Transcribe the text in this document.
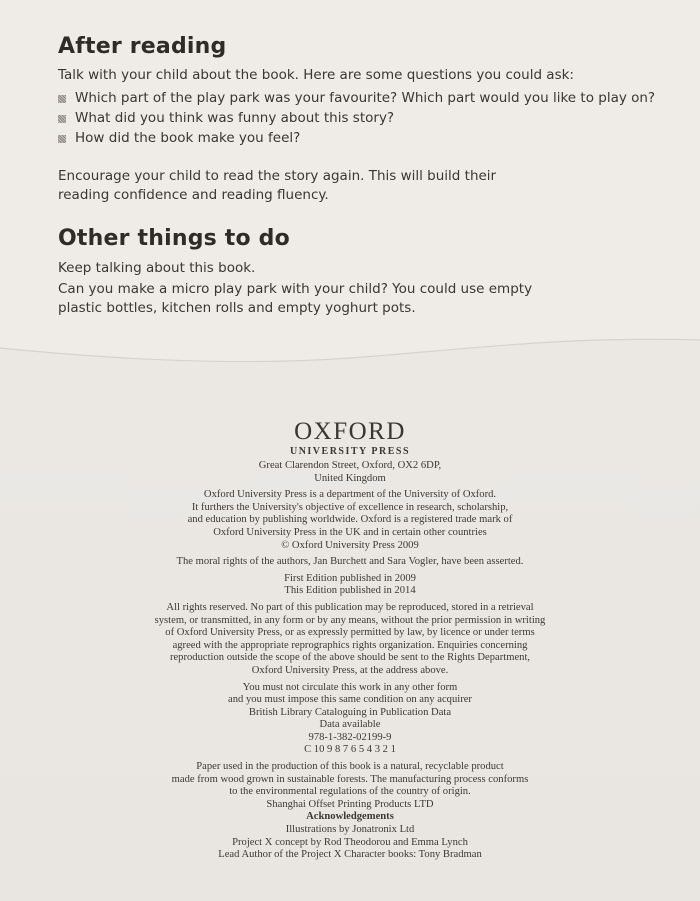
After reading

Talk with your child about the book. Here are some questions you could ask:

Which part of the play park was your favourite? Which part would you like to play on?
What did you think was funny about this story?
How did the book make you feel?

Encourage your child to read the story again. This will build their reading confidence and reading fluency.

Other things to do

Keep talking about this book.

Can you make a micro play park with your child? You could use empty plastic bottles, kitchen rolls and empty yoghurt pots.

OXFORD

UNIVERSITY PRESS

Great Clarendon Street, Oxford, OX2 6DP,

United Kingdom

Oxford University Press is a department of the University of Oxford.

It furthers the University's objective of excellence in research, scholarship,

and education by publishing worldwide. Oxford is a registered trade mark of

Oxford University Press in the UK and in certain other countries

© Oxford University Press 2009

The moral rights of the authors, Jan Burchett and Sara Vogler, have been asserted.

First Edition published in 2009

This Edition published in 2014

All rights reserved. No part of this publication may be reproduced, stored in a retrieval

system, or transmitted, in any form or by any means, without the prior permission in writing

of Oxford University Press, or as expressly permitted by law, by licence or under terms

agreed with the appropriate reprographics rights organization. Enquiries concerning

reproduction outside the scope of the above should be sent to the Rights Department,

Oxford University Press, at the address above.

You must not circulate this work in any other form

and you must impose this same condition on any acquirer

British Library Cataloguing in Publication Data

Data available

978-1-382-02199-9

C 10 9 8 7 6 5 4 3 2 1

Paper used in the production of this book is a natural, recyclable product

made from wood grown in sustainable forests. The manufacturing process conforms

to the environmental regulations of the country of origin.

Shanghai Offset Printing Products LTD

Acknowledgements

Illustrations by Jonatronix Ltd

Project X concept by Rod Theodorou and Emma Lynch

Lead Author of the Project X Character books: Tony Bradman
